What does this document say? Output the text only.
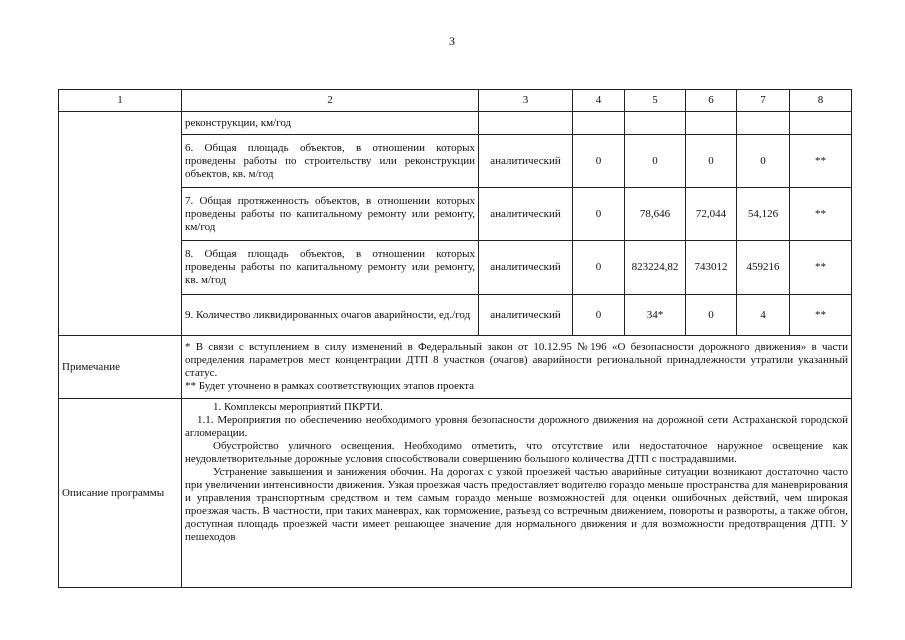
3
1	2	3	4	5	6	7	8
	реконструкции, км/год						
	6. Общая площадь объектов, в отношении которых проведены работы по строительству или реконструкции объектов, кв. м/год	аналитический	0	0	0	0	**
	7. Общая протяженность объектов, в отношении которых проведены работы по капитальному ремонту или ремонту, км/год	аналитический	0	78,646	72,044	54,126	**
	8. Общая площадь объектов, в отношении которых проведены работы по капитальному ремонту или ремонту, кв. м/год	аналитический	0	823224,82	743012	459216	**
	9. Количество ликвидированных очагов аварийности, ед./год	аналитический	0	34*	0	4	**
Примечание	* В связи с вступлением в силу изменений в Федеральный закон от 10.12.95 №196 «О безопасности дорожного движения» в части определения параметров мест концентрации ДТП 8 участков (очагов) аварийности региональной принадлежности утратили указанный статус.

** Будет уточнено в рамках соответствующих этапов проекта						

Описание программы	1. Комплексы мероприятий ПКРТИ.

1.1. Мероприятия по обеспечению необходимого уровня безопасности дорожного движения на дорожной сети Астраханской городской агломерации.

Обустройство уличного освещения. Необходимо отметить, что отсутствие или недостаточное наружное освещение как неудовлетворительные дорожные условия способствовали совершению большого количества ДТП с пострадавшими.

Устранение завышения и занижения обочин. На дорогах с узкой проезжей частью аварийные ситуации возникают достаточно часто при увеличении интенсивности движения. Узкая проезжая часть предоставляет водителю гораздо меньше пространства для маневрирования и управления транспортным средством и тем самым гораздо меньше возможностей для оценки ошибочных действий, чем широкая проезжая часть. В частности, при таких маневрах, как торможение, разъезд со встречным движением, повороты и развороты, а также обгон, доступная площадь проезжей части имеет решающее значение для нормального движения и для возможности предотвращения ДТП. У пешеходов						
